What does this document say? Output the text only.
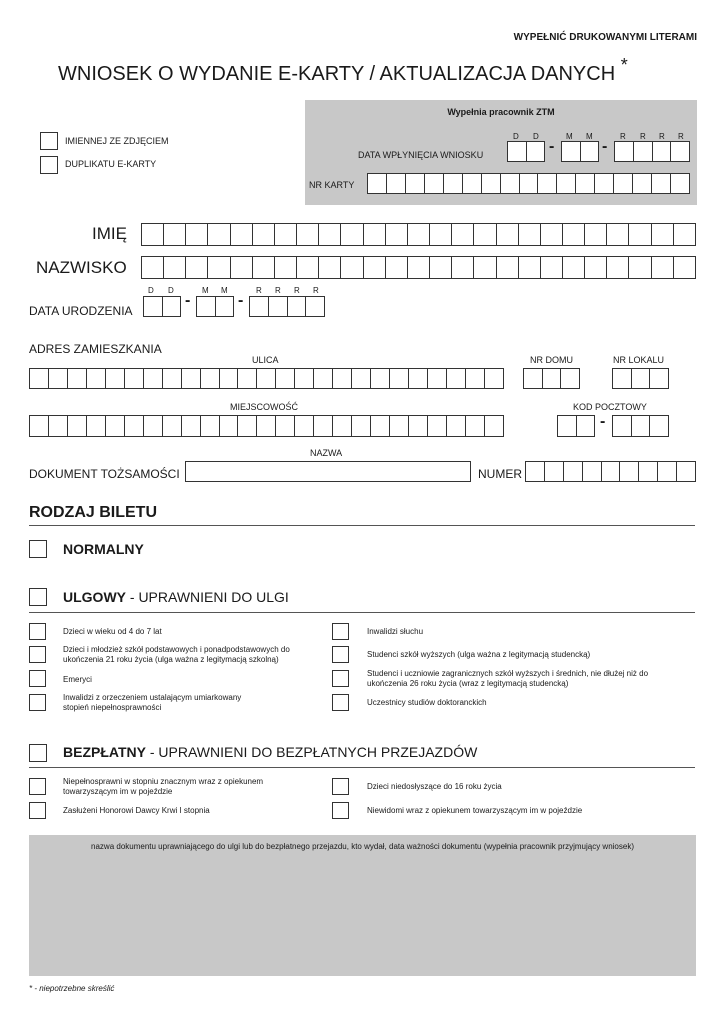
WYPEŁNIĆ DRUKOWANYMI LITERAMI
WNIOSEK O WYDANIE E-KARTY / AKTUALIZACJA DANYCH *
IMIENNEJ ZE ZDJĘCIEM
DUPLIKATU E-KARTY
Wypełnia pracownik ZTM
D D	M M	R R R R
DATA WPŁYNIĘCIA WNIOSKU	-	-
NR KARTY
IMIĘ
NAZWISKO
D D	M M	R R R R
DATA URODZENIA
-	-
ADRES ZAMIESZKANIA
ULICA	NR DOMU	NR LOKALU
MIEJSCOWOŚĆ	KOD POCZTOWY
-
NAZWA
DOKUMENT TOŻSAMOŚCI	NUMER
RODZAJ BILETU
NORMALNY
ULGOWY - UPRAWNIENI DO ULGI
Dzieci w wieku od 4 do 7 lat
Dzieci i młodzież szkół podstawowych i ponadpodstawowych do ukończenia 21 roku życia (ulga ważna z legitymacją szkolną)
Emeryci
Inwalidzi z orzeczeniem ustalającym umiarkowany stopień niepełnosprawności
Inwalidzi słuchu
Studenci szkół wyższych (ulga ważna z legitymacją studencką)
Studenci i uczniowie zagranicznych szkół wyższych i średnich, nie dłużej niż do ukończenia 26 roku życia (wraz z legitymacją studencką)
Uczestnicy studiów doktoranckich
BEZPŁATNY - UPRAWNIENI DO BEZPŁATNYCH PRZEJAZDÓW
Niepełnosprawni w stopniu znacznym wraz z opiekunem towarzyszącym im w pojeździe
Zasłużeni Honorowi Dawcy Krwi I stopnia
Dzieci niedosłyszące do 16 roku życia
Niewidomi wraz z opiekunem towarzyszącym im w pojeździe
nazwa dokumentu uprawniającego do ulgi lub do bezpłatnego przejazdu, kto wydał, data ważności dokumentu (wypełnia pracownik przyjmujący wniosek)
* - niepotrzebne skreślić
